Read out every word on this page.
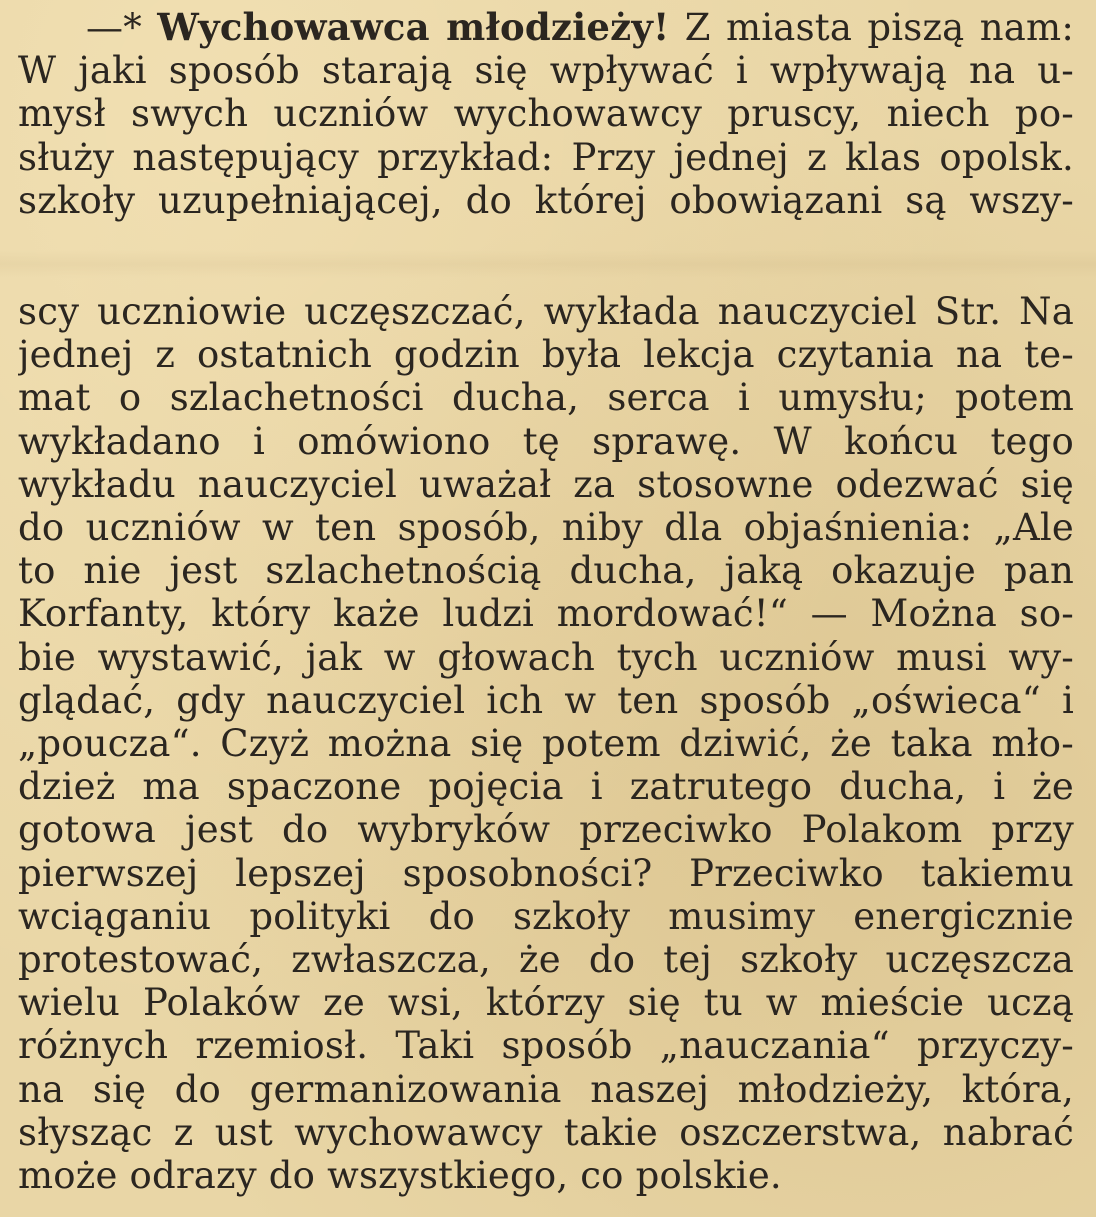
—* Wychowawca młodzieży! Z miasta piszą nam:
W jaki sposób starają się wpływać i wpływają na u-
mysł swych uczniów wychowawcy pruscy, niech po-
służy następujący przykład: Przy jednej z klas opolsk.
szkoły uzupełniającej, do której obowiązani są wszy-
scy uczniowie uczęszczać, wykłada nauczyciel Str. Na
jednej z ostatnich godzin była lekcja czytania na te-
mat o szlachetności ducha, serca i umysłu; potem
wykładano i omówiono tę sprawę. W końcu tego
wykładu nauczyciel uważał za stosowne odezwać się
do uczniów w ten sposób, niby dla objaśnienia: „Ale
to nie jest szlachetnością ducha, jaką okazuje pan
Korfanty, który każe ludzi mordować!“ — Można so-
bie wystawić, jak w głowach tych uczniów musi wy-
glądać, gdy nauczyciel ich w ten sposób „oświeca“ i
„poucza“. Czyż można się potem dziwić, że taka mło-
dzież ma spaczone pojęcia i zatrutego ducha, i że
gotowa jest do wybryków przeciwko Polakom przy
pierwszej lepszej sposobności? Przeciwko takiemu
wciąganiu polityki do szkoły musimy energicznie
protestować, zwłaszcza, że do tej szkoły uczęszcza
wielu Polaków ze wsi, którzy się tu w mieście uczą
różnych rzemiosł. Taki sposób „nauczania“ przyczy-
na się do germanizowania naszej młodzieży, która,
słysząc z ust wychowawcy takie oszczerstwa, nabrać
może odrazy do wszystkiego, co polskie.
